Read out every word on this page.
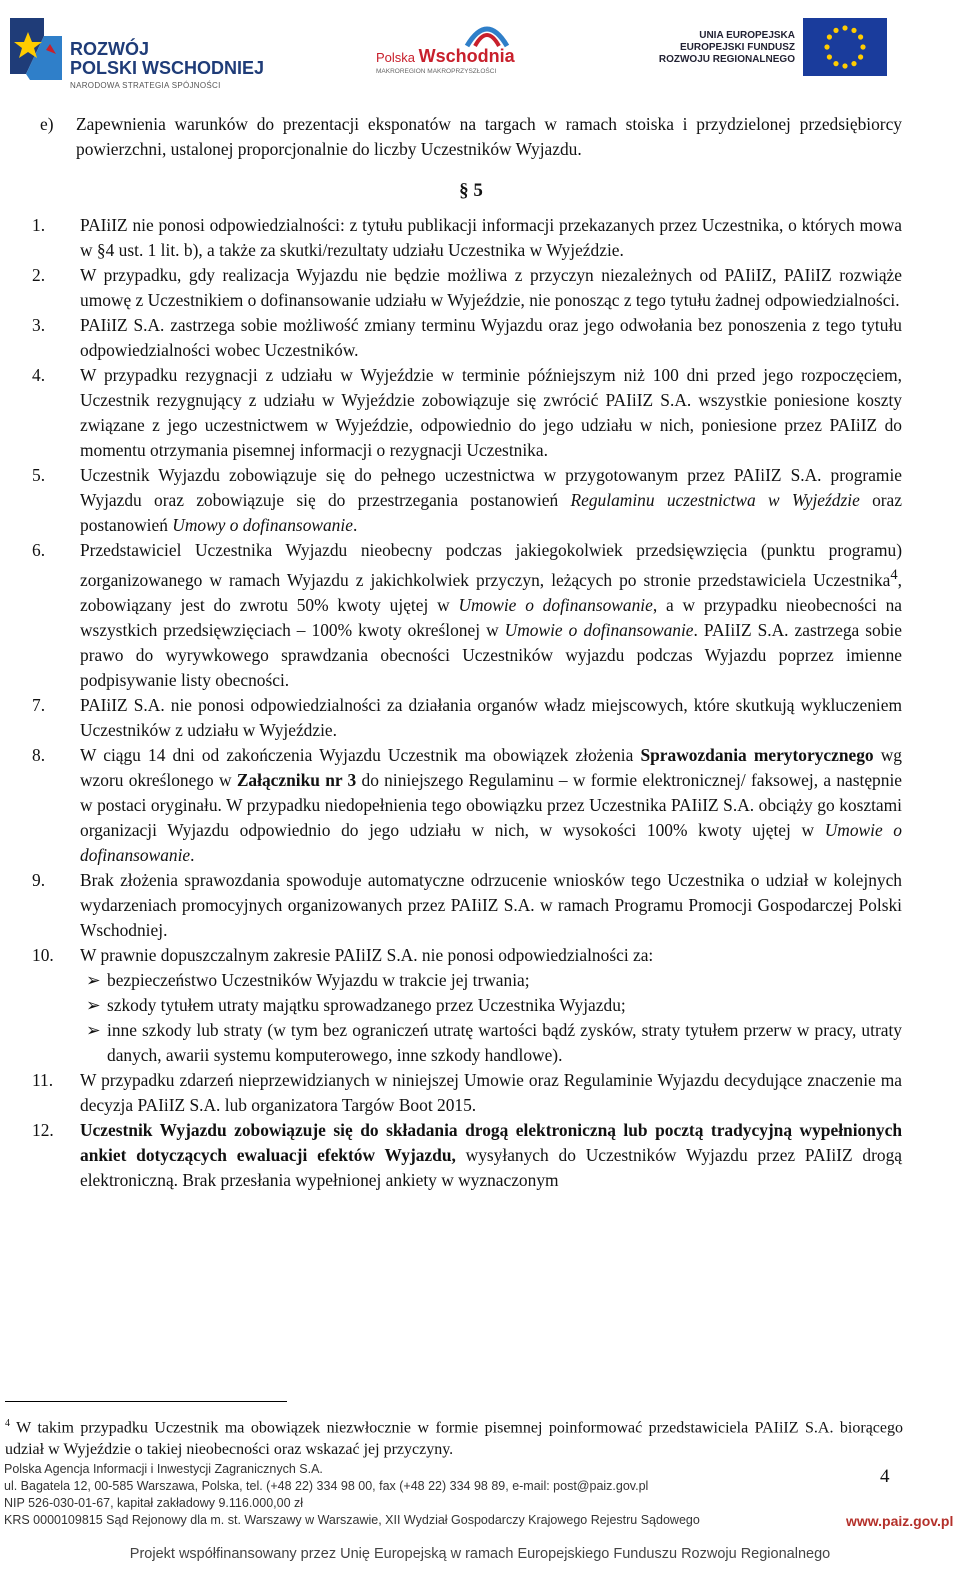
ROZWÓJ
POLSKI WSCHODNIEJ
NARODOWA STRATEGIA SPÓJNOŚCI
Polska Wschodnia
MAKROREGION MAKROPRZYSZŁOŚCI
UNIA EUROPEJSKA
EUROPEJSKI FUNDUSZ
ROZWOJU REGIONALNEGO

e) Zapewnienia warunków do prezentacji eksponatów na targach w ramach stoiska i przydzielonej przedsiębiorcy powierzchni, ustalonej proporcjonalnie do liczby Uczestników Wyjazdu.

§ 5

1. PAIiIZ nie ponosi odpowiedzialności: z tytułu publikacji informacji przekazanych przez Uczestnika, o których mowa w §4 ust. 1 lit. b), a także za skutki/rezultaty udziału Uczestnika w Wyjeździe.

2. W przypadku, gdy realizacja Wyjazdu nie będzie możliwa z przyczyn niezależnych od PAIiIZ, PAIiIZ rozwiąże umowę z Uczestnikiem o dofinansowanie udziału w Wyjeździe, nie ponosząc z tego tytułu żadnej odpowiedzialności.

3. PAIiIZ S.A. zastrzega sobie możliwość zmiany terminu Wyjazdu oraz jego odwołania bez ponoszenia z tego tytułu odpowiedzialności wobec Uczestników.

4. W przypadku rezygnacji z udziału w Wyjeździe w terminie późniejszym niż 100 dni przed jego rozpoczęciem, Uczestnik rezygnujący z udziału w Wyjeździe zobowiązuje się zwrócić PAIiIZ S.A. wszystkie poniesione koszty związane z jego uczestnictwem w Wyjeździe, odpowiednio do jego udziału w nich, poniesione przez PAIiIZ do momentu otrzymania pisemnej informacji o rezygnacji Uczestnika.

5. Uczestnik Wyjazdu zobowiązuje się do pełnego uczestnictwa w przygotowanym przez PAIiIZ S.A. programie Wyjazdu oraz zobowiązuje się do przestrzegania postanowień Regulaminu uczestnictwa w Wyjeździe oraz postanowień Umowy o dofinansowanie.

6. Przedstawiciel Uczestnika Wyjazdu nieobecny podczas jakiegokolwiek przedsięwzięcia (punktu programu) zorganizowanego w ramach Wyjazdu z jakichkolwiek przyczyn, leżących po stronie przedstawiciela Uczestnika$^4$, zobowiązany jest do zwrotu 50% kwoty ujętej w Umowie o dofinansowanie, a w przypadku nieobecności na wszystkich przedsięwzięciach – 100% kwoty określonej w Umowie o dofinansowanie. PAIiIZ S.A. zastrzega sobie prawo do wyrywkowego sprawdzania obecności Uczestników wyjazdu podczas Wyjazdu poprzez imienne podpisywanie listy obecności.

7. PAIiIZ S.A. nie ponosi odpowiedzialności za działania organów władz miejscowych, które skutkują wykluczeniem Uczestników z udziału w Wyjeździe.

8. W ciągu 14 dni od zakończenia Wyjazdu Uczestnik ma obowiązek złożenia Sprawozdania merytorycznego wg wzoru określonego w Załączniku nr 3 do niniejszego Regulaminu – w formie elektronicznej/ faksowej, a następnie w postaci oryginału. W przypadku niedopełnienia tego obowiązku przez Uczestnika PAIiIZ S.A. obciąży go kosztami organizacji Wyjazdu odpowiednio do jego udziału w nich, w wysokości 100% kwoty ujętej w Umowie o dofinansowanie.

9. Brak złożenia sprawozdania spowoduje automatyczne odrzucenie wniosków tego Uczestnika o udział w kolejnych wydarzeniach promocyjnych organizowanych przez PAIiIZ S.A. w ramach Programu Promocji Gospodarczej Polski Wschodniej.

10. W prawnie dopuszczalnym zakresie PAIiIZ S.A. nie ponosi odpowiedzialności za:

➢ bezpieczeństwo Uczestników Wyjazdu w trakcie jej trwania;
➢ szkody tytułem utraty majątku sprowadzanego przez Uczestnika Wyjazdu;
➢ inne szkody lub straty (w tym bez ograniczeń utratę wartości bądź zysków, straty tytułem przerw w pracy, utraty danych, awarii systemu komputerowego, inne szkody handlowe).

11. W przypadku zdarzeń nieprzewidzianych w niniejszej Umowie oraz Regulaminie Wyjazdu decydujące znaczenie ma decyzja PAIiIZ S.A. lub organizatora Targów Boot 2015.

12. Uczestnik Wyjazdu zobowiązuje się do składania drogą elektroniczną lub pocztą tradycyjną wypełnionych ankiet dotyczących ewaluacji efektów Wyjazdu, wysyłanych do Uczestników Wyjazdu przez PAIiIZ drogą elektroniczną. Brak przesłania wypełnionej ankiety w wyznaczonym

$^4$ W takim przypadku Uczestnik ma obowiązek niezwłocznie w formie pisemnej poinformować przedstawiciela PAIiIZ S.A. biorącego udział w Wyjeździe o takiej nieobecności oraz wskazać jej przyczyny.
Polska Agencja Informacji i Inwestycji Zagranicznych S.A.
ul. Bagatela 12, 00-585 Warszawa, Polska, tel. (+48 22) 334 98 00, fax (+48 22) 334 98 89, e-mail: post@paiz.gov.pl
NIP 526-030-01-67, kapitał zakładowy 9.116.000,00 zł
KRS 0000109815 Sąd Rejonowy dla m. st. Warszawy w Warszawie, XII Wydział Gospodarczy Krajowego Rejestru Sądowego
4
www.paiz.gov.pl
Projekt współfinansowany przez Unię Europejską w ramach Europejskiego Funduszu Rozwoju Regionalnego
